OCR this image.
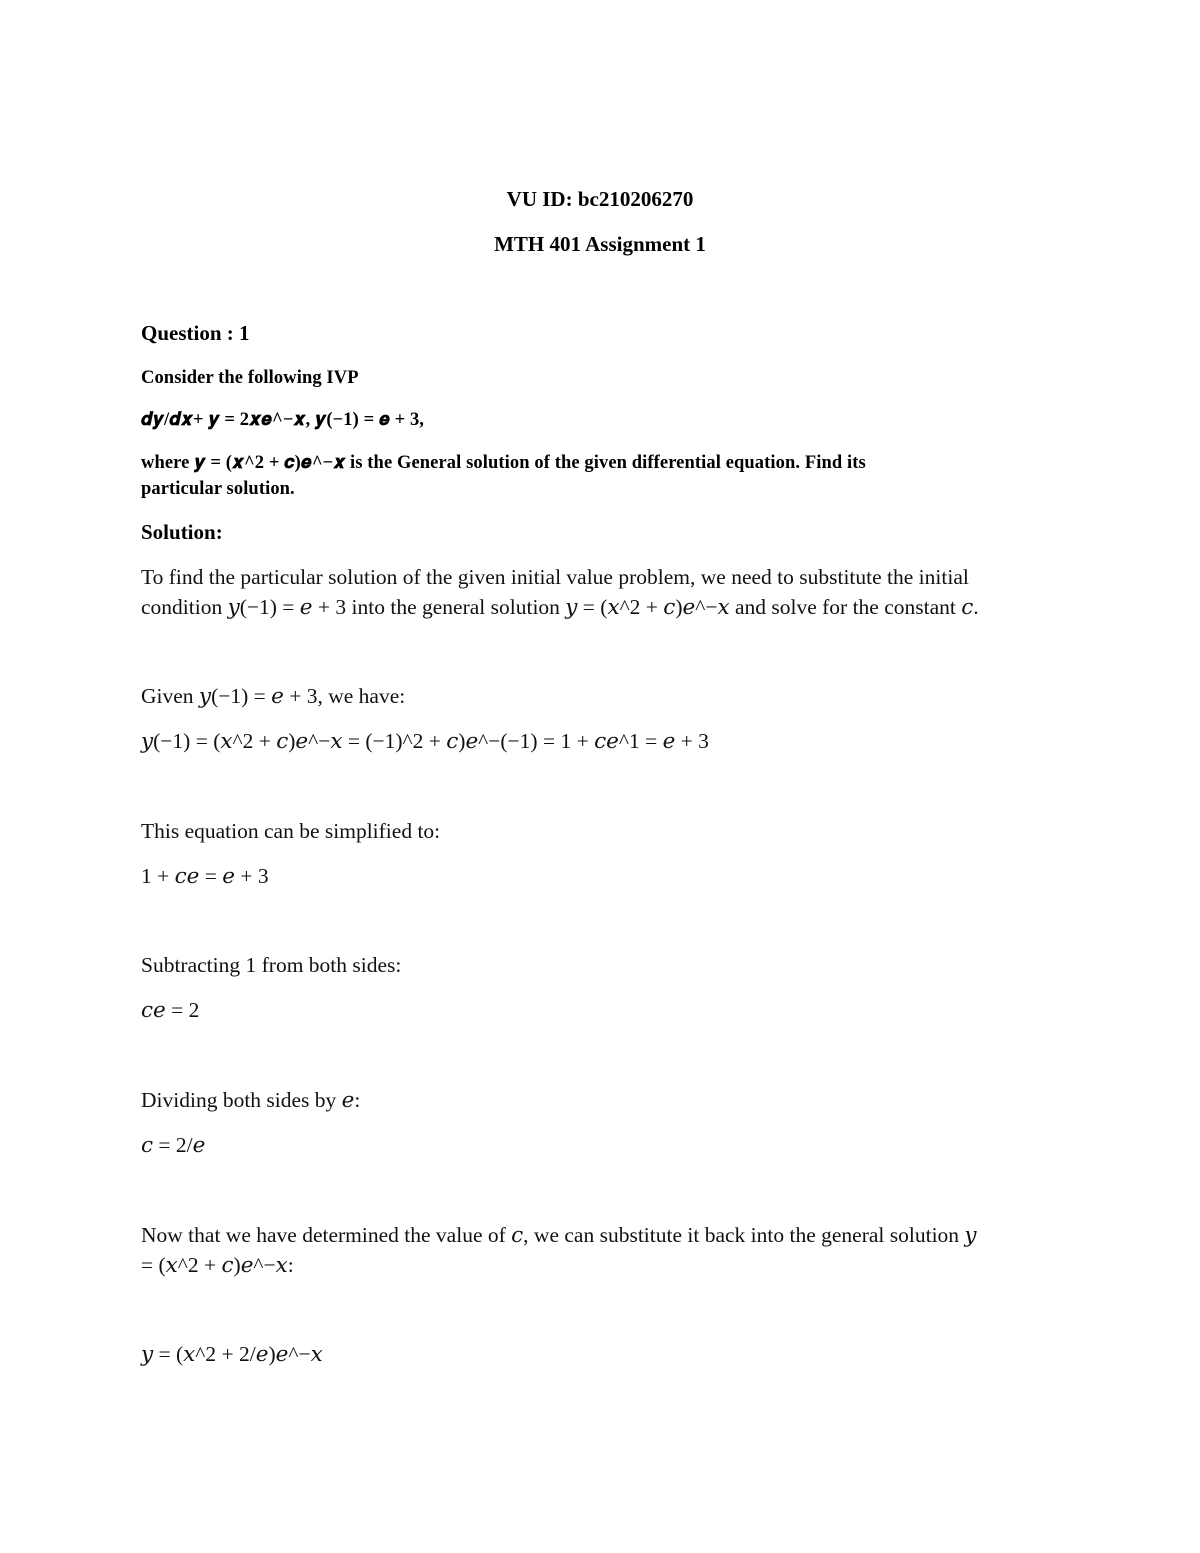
VU ID: bc210206270
MTH 401 Assignment 1
Question : 1
Consider the following IVP
𝒅𝒚/𝒅𝒙+ 𝒚 = 2𝒙𝒆^−𝒙, 𝒚(−1) = 𝒆 + 3,
where 𝒚 = (𝒙^2 + 𝒄)𝒆^−𝒙 is the General solution of the given differential equation. Find its
particular solution.
Solution:
To find the particular solution of the given initial value problem, we need to substitute the initial
condition 𝑦(−1) = 𝑒 + 3 into the general solution 𝑦 = (𝑥^2 + 𝑐)𝑒^−𝑥 and solve for the constant 𝑐.
Given 𝑦(−1) = 𝑒 + 3, we have:
𝑦(−1) = (𝑥^2 + 𝑐)𝑒^−𝑥 = (−1)^2 + 𝑐)𝑒^−(−1) = 1 + 𝑐𝑒^1 = 𝑒 + 3
This equation can be simplified to:
1 + 𝑐𝑒 = 𝑒 + 3
Subtracting 1 from both sides:
𝑐𝑒 = 2
Dividing both sides by 𝑒:
𝑐 = 2/𝑒
Now that we have determined the value of 𝑐, we can substitute it back into the general solution 𝑦
= (𝑥^2 + 𝑐)𝑒^−𝑥:
𝑦 = (𝑥^2 + 2/𝑒)𝑒^−𝑥
